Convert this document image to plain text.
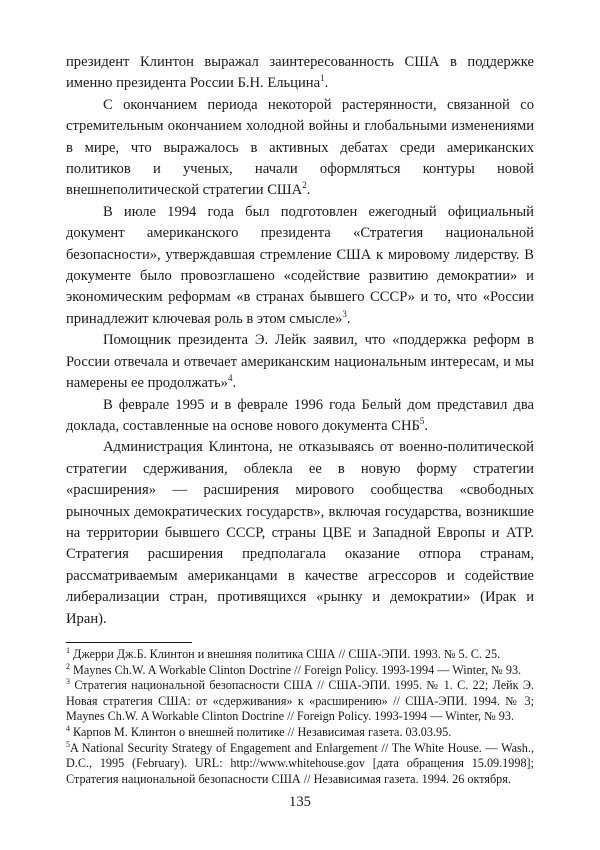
президент Клинтон выражал заинтересованность США в поддержке именно президента России Б.Н. Ельцина$^1$.

С окончанием периода некоторой растерянности, связанной со стремительным окончанием холодной войны и глобальными изменениями в мире, что выражалось в активных дебатах среди американских политиков и ученых, начали оформляться контуры новой внешнеполитической стратегии США$^2$.

В июле 1994 года был подготовлен ежегодный официальный документ американского президента «Стратегия национальной безопасности», утверждавшая стремление США к мировому лидерству. В документе было провозглашено «содействие развитию демократии» и экономическим реформам «в странах бывшего СССР» и то, что «России принадлежит ключевая роль в этом смысле»$^3$.

Помощник президента Э. Лейк заявил, что «поддержка реформ в России отвечала и отвечает американским национальным интересам, и мы намерены ее продолжать»$^4$.

В феврале 1995 и в феврале 1996 года Белый дом представил два доклада, составленные на основе нового документа СНБ$^5$.

Администрация Клинтона, не отказываясь от военно-политической стратегии сдерживания, облекла ее в новую форму стратегии «расширения» — расширения мирового сообщества «свободных рыночных демократических государств», включая государства, возникшие на территории бывшего СССР, страны ЦВЕ и Западной Европы и АТР. Стратегия расширения предполагала оказание отпора странам, рассматриваемым американцами в качестве агрессоров и содействие либерализации стран, противящихся «рынку и демократии» (Ирак и Иран).

$^1$ Джерри Дж.Б. Клинтон и внешняя политика США // США-ЭПИ. 1993. № 5. С. 25.

$^2$ Maynes Ch.W. A Workable Clinton Doctrine // Foreign Policy. 1993-1994 — Winter, № 93.

$^3$ Стратегия национальной безопасности США // США-ЭПИ. 1995. № 1. С. 22; Лейк Э. Новая стратегия США: от «сдерживания» к «расширению» // США-ЭПИ. 1994. № 3; Maynes Ch.W. A Workable Clinton Doctrine // Foreign Policy. 1993-1994 — Winter, № 93.

$^4$ Карпов М. Клинтон о внешней политике // Независимая газета. 03.03.95.

$^5$A National Security Strategy of Engagement and Enlargement // The White House. — Wash., D.C., 1995 (February). URL: http://www.whitehouse.gov [дата обращения 15.09.1998]; Стратегия национальной безопасности США // Независимая газета. 1994. 26 октября.

135
